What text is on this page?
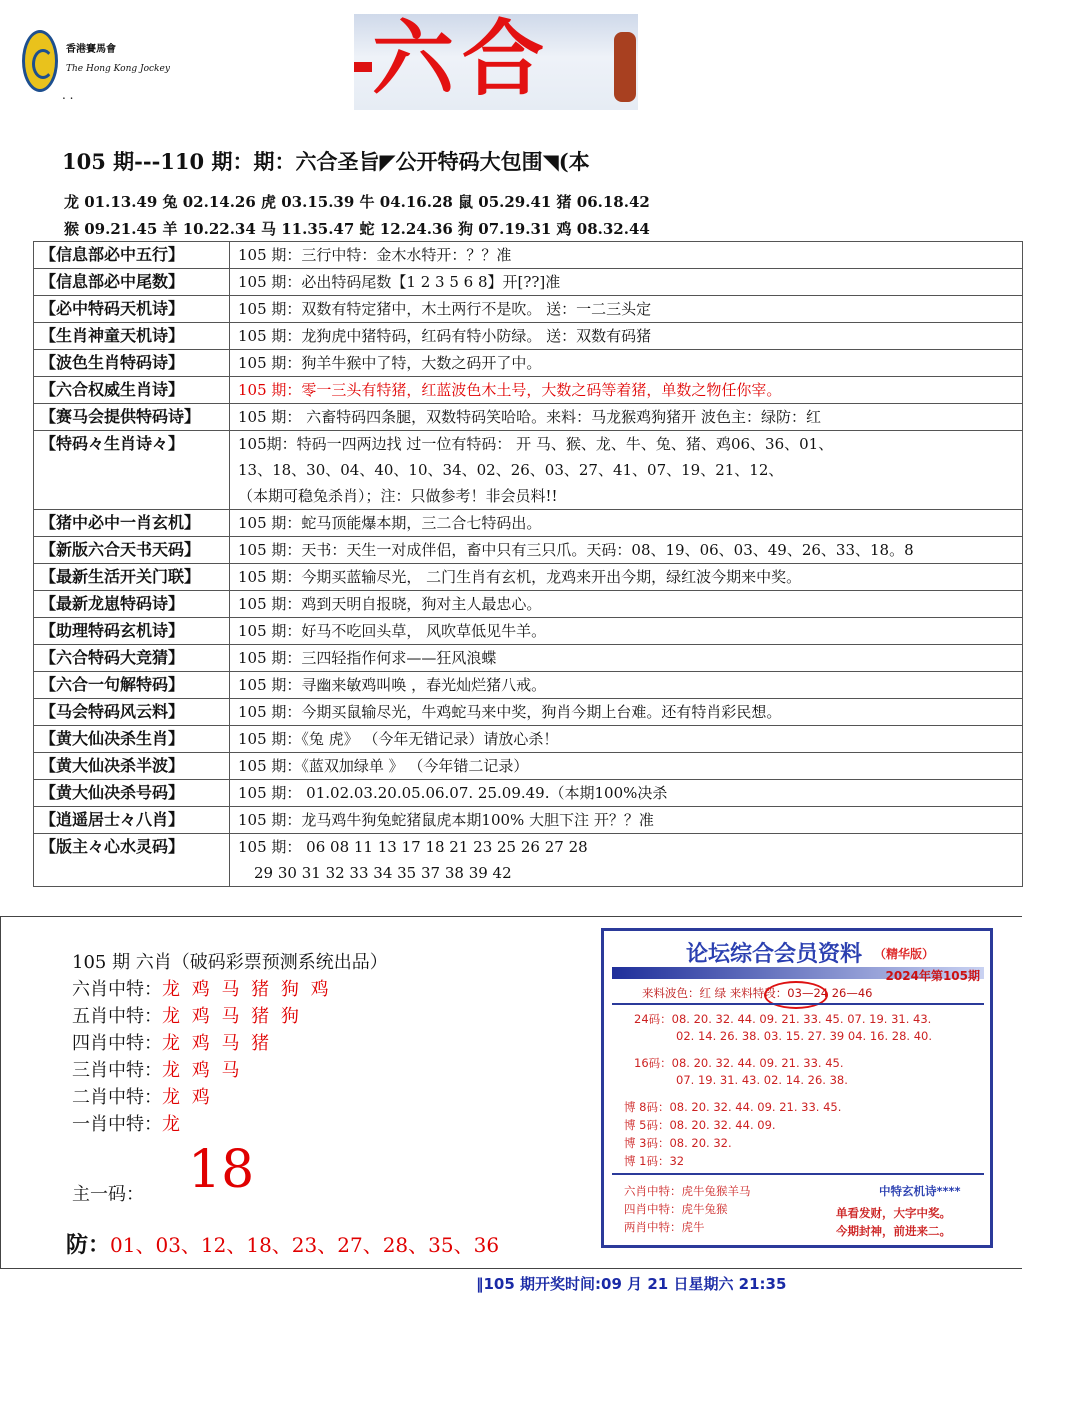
香港賽馬會
The Hong Kong Jockey
. .	六合
105 期---110 期：期：六合圣旨◤公开特码大包围◥(本
龙 01.13.49 兔 02.14.26 虎 03.15.39 牛 04.16.28 鼠 05.29.41 猪 06.18.42
猴 09.21.45 羊 10.22.34 马 11.35.47 蛇 12.24.36 狗 07.19.31 鸡 08.32.44
【信息部必中五行】	105 期：三行中特：金木水特开：？？准

【信息部必中尾数】	105 期：必出特码尾数【1 2 3 5 6 8】开[??]准

【必中特码天机诗】	105 期：双数有特定猪中，木土两行不是吹。 送：一二三头定

【生肖神童天机诗】	105 期：龙狗虎中猪特码，红码有特小防绿。 送：双数有码猪

【波色生肖特码诗】	105 期：狗羊牛猴中了特，大数之码开了中。

【六合权威生肖诗】	105 期：零一三头有特猪，红蓝波色木土号，大数之码等着猪，单数之物任你宰。

【赛马会提供特码诗】	105 期： 六畜特码四条腿，双数特码笑哈哈。来料：马龙猴鸡狗猪开 波色主：绿防：红

【特码々生肖诗々】	105期：特码一四两边找 过一位有特码： 开 马、猴、龙、牛、兔、猪、鸡06、36、01、
13、18、30、04、40、10、34、02、26、03、27、41、07、19、21、12、
（本期可稳兔杀肖）；注：只做参考！非会员料!!

【猪中必中一肖玄机】	105 期：蛇马顶能爆本期，三二合七特码出。

【新版六合天书天码】	105 期：天书：天生一对成伴侣，畜中只有三只爪。天码：08、19、06、03、49、26、33、18。8

【最新生活开关门联】	105 期：今期买蓝输尽光， 二门生肖有玄机，龙鸡来开出今期，绿红波今期来中奖。

【最新龙崽特码诗】	105 期：鸡到天明自报晓，狗对主人最忠心。

【助理特码玄机诗】	105 期：好马不吃回头草， 风吹草低见牛羊。

【六合特码大竞猜】	105 期：三四轻指作何求——狂风浪蝶

【六合一句解特码】	105 期：寻幽来敏鸡叫唤 ，春光灿烂猪八戒。

【马会特码风云料】	105 期：今期买鼠输尽光，牛鸡蛇马来中奖，狗肖今期上台难。还有特肖彩民想。

【黄大仙决杀生肖】	105 期：《兔 虎》 （今年无错记录）请放心杀！

【黄大仙决杀半波】	105 期：《蓝双加绿单 》 （今年错二记录）

【黄大仙决杀号码】	105 期： 01.02.03.20.05.06.07. 25.09.49.（本期100%决杀

【逍遥居士々八肖】	105 期：龙马鸡牛狗兔蛇猪鼠虎本期100% 大胆下注 开？？准

【版主々心水灵码】	105 期： 06 08 11 13 17 18 21 23 25 26 27 28
29 30 31 32 33 34 35 37 38 39 42
105 期 六肖（破码彩票预测系统出品）
六肖中特：龙 鸡 马 猪 狗 鸡
五肖中特：龙 鸡 马 猪 狗
四肖中特：龙 鸡 马 猪
三肖中特：龙 鸡 马
二肖中特：龙 鸡
一肖中特：龙
主一码： 18
防：01、03、12、18、23、27、28、35、36
论坛综合会员资料 （精华版）
2024年第105期
来料波色：红 绿 来料特段：03—24 26—46
24码：08. 20. 32. 44. 09. 21. 33. 45. 07. 19. 31. 43.
02. 14. 26. 38. 03. 15. 27. 39 04. 16. 28. 40.
16码：08. 20. 32. 44. 09. 21. 33. 45.
07. 19. 31. 43. 02. 14. 26. 38.
博 8码：08. 20. 32. 44. 09. 21. 33. 45.
博 5码：08. 20. 32. 44. 09.
博 3码：08. 20. 32.
博 1码：32
六肖中特：虎牛兔猴羊马
四肖中特：虎牛兔猴
两肖中特：虎牛
中特玄机诗****
单看发财，大字中奖。
今期封神，前进来二。
‖105 期开奖时间:09 月 21 日星期六 21:35
